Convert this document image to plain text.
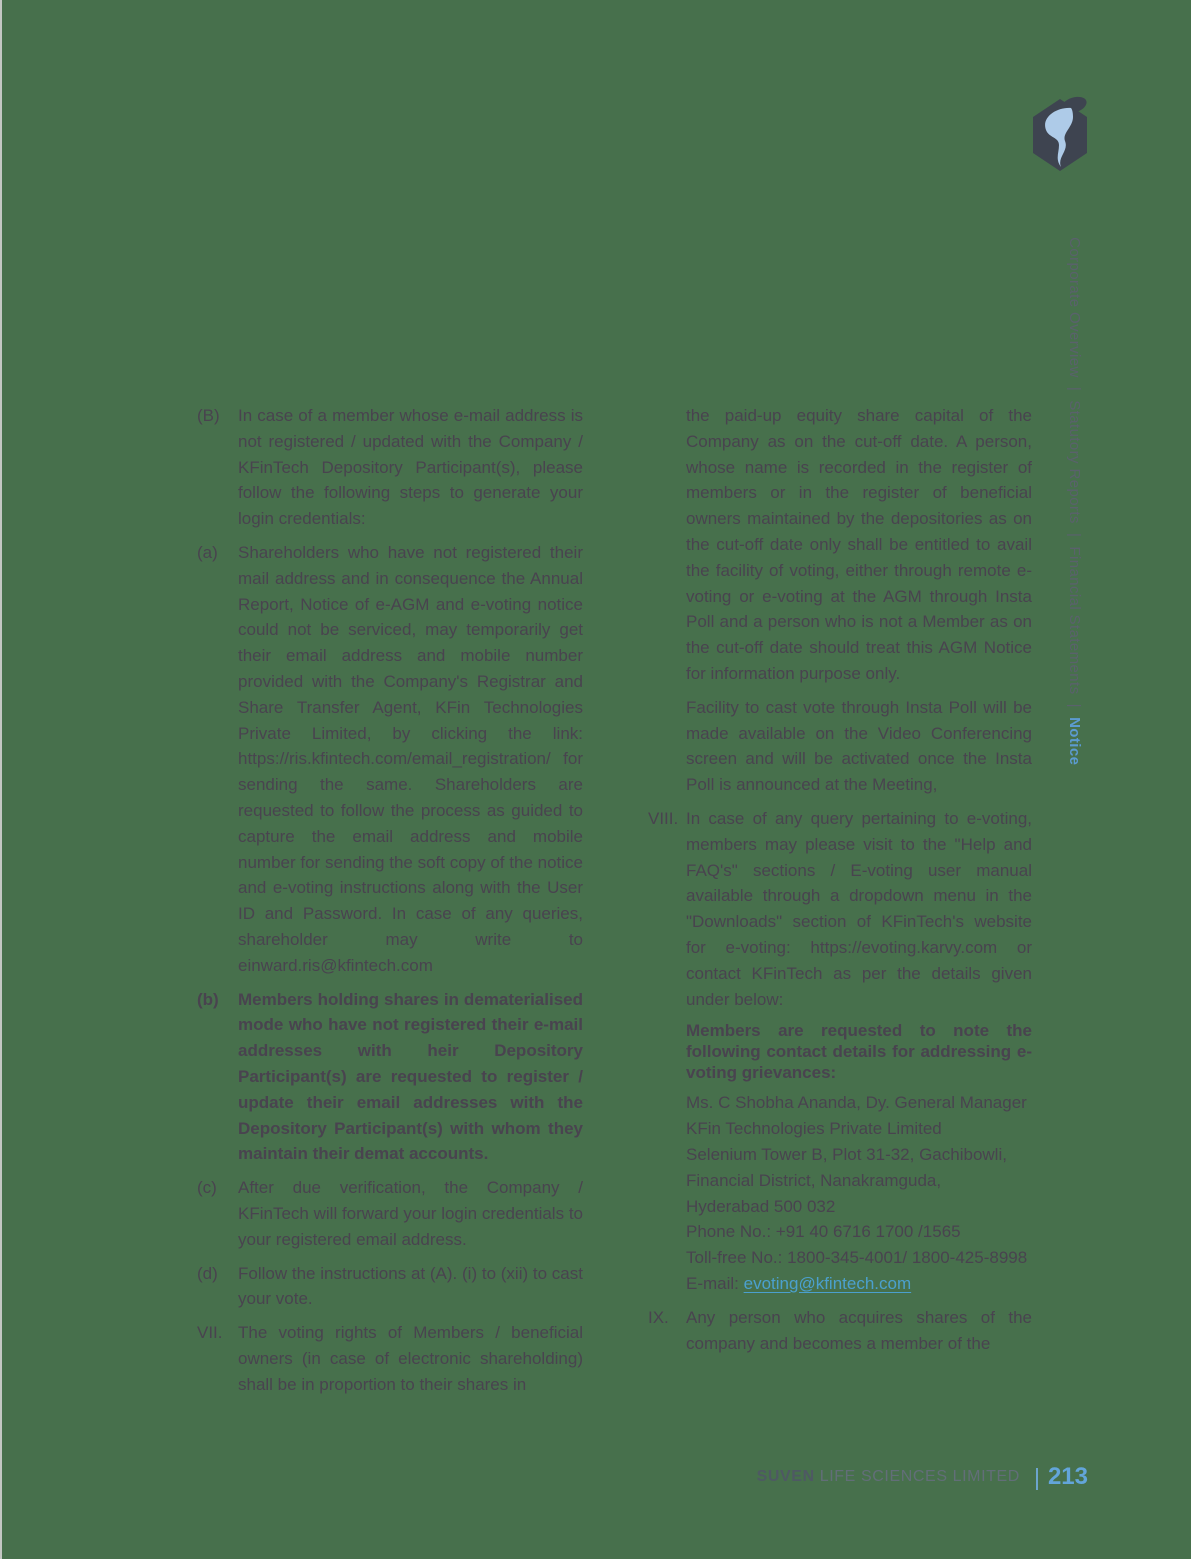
Corporate Overview  |  Statutory Reports  |  Financial Statements  |  Notice

(B)	In case of a member whose e-mail address is not registered / updated with the Company / KFinTech Depository Participant(s), please follow the following steps to generate your login credentials:
(a)	Shareholders who have not registered their mail address and in consequence the Annual Report, Notice of e-AGM and e-voting notice could not be serviced, may temporarily get their email address and mobile number provided with the Company's Registrar and Share Transfer Agent, KFin Technologies Private Limited, by clicking the link: https://ris.kfintech.com/email_registration/ for sending the same. Shareholders are requested to follow the process as guided to capture the email address and mobile number for sending the soft copy of the notice and e-voting instructions along with the User ID and Password. In case of any queries, shareholder may write to einward.ris@kfintech.com
(b)	Members holding shares in dematerialised mode who have not registered their e-mail addresses with heir Depository Participant(s) are requested to register / update their email addresses with the Depository Participant(s) with whom they maintain their demat accounts.
(c)	After due verification, the Company / KFinTech will forward your login credentials to your registered email address.
(d)	Follow the instructions at (A). (i) to (xii) to cast your vote.
VII. The voting rights of Members / beneficial owners (in case of electronic shareholding) shall be in proportion to their shares in
the paid-up equity share capital of the Company as on the cut-off date. A person, whose name is recorded in the register of members or in the register of beneficial owners maintained by the depositories as on the cut-off date only shall be entitled to avail the facility of voting, either through remote e-voting or e-voting at the AGM through Insta Poll and a person who is not a Member as on the cut-off date should treat this AGM Notice for information purpose only.
Facility to cast vote through Insta Poll will be made available on the Video Conferencing screen and will be activated once the Insta Poll is announced at the Meeting,
VIII. In case of any query pertaining to e-voting, members may please visit to the "Help and FAQ's" sections / E-voting user manual available through a dropdown menu in the "Downloads" section of KFinTech's website for e-voting: https://evoting.karvy.com or contact KFinTech as per the details given under below:
Members are requested to note the following contact details for addressing e-voting grievances:
Ms. C Shobha Ananda, Dy. General Manager
KFin Technologies Private Limited
Selenium Tower B, Plot 31-32, Gachibowli,
Financial District, Nanakramguda,
Hyderabad 500 032
Phone No.: +91 40 6716 1700 /1565
Toll-free No.: 1800-345-4001/ 1800-425-8998
E-mail: evoting@kfintech.com
IX.	Any person who acquires shares of the company and becomes a member of the
SUVEN LIFE SCIENCES LIMITED | 213
